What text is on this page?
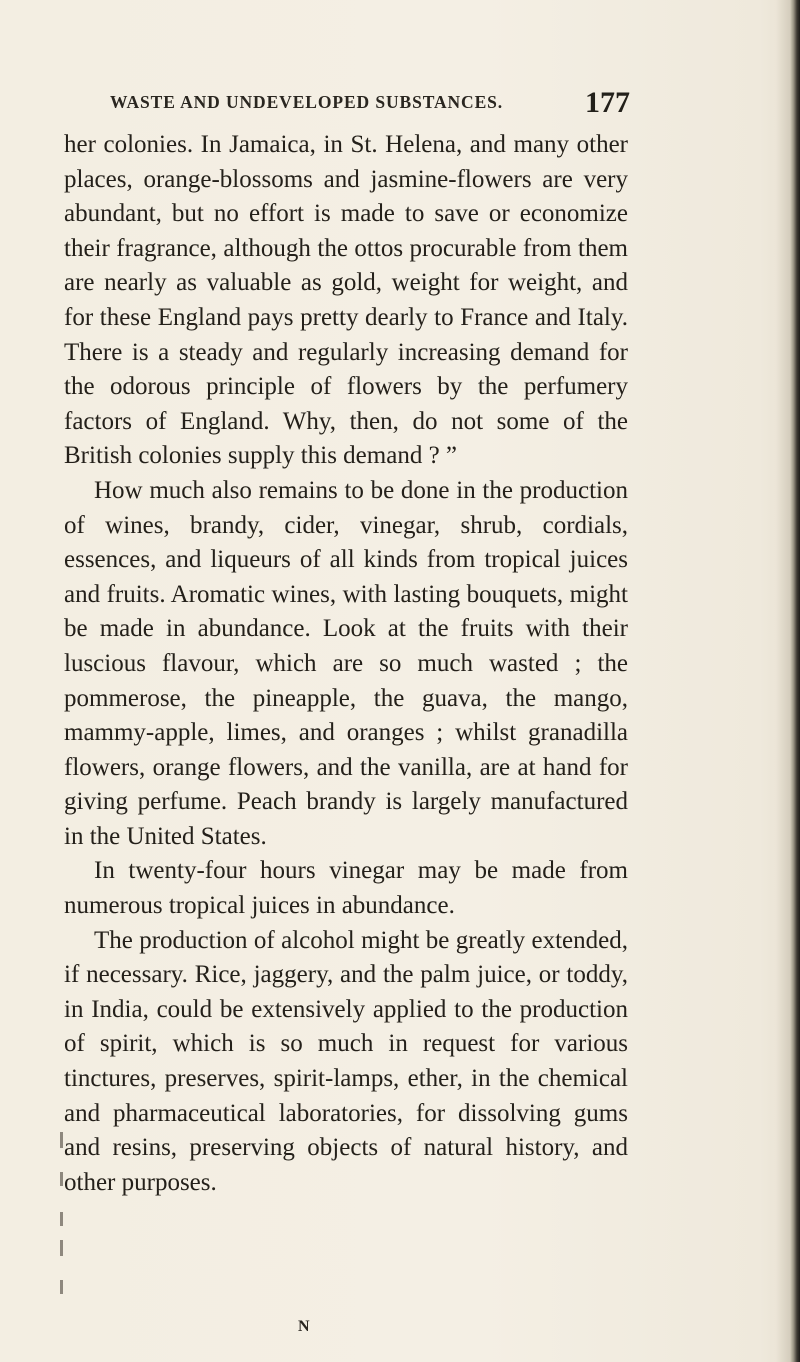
WASTE AND UNDEVELOPED SUBSTANCES.	177

her colonies. In Jamaica, in St. Helena, and many other places, orange-blossoms and jasmine-flowers are very abundant, but no effort is made to save or economize their fragrance, although the ottos procurable from them are nearly as valuable as gold, weight for weight, and for these England pays pretty dearly to France and Italy. There is a steady and regularly increasing demand for the odorous principle of flowers by the perfumery factors of England. Why, then, do not some of the British colonies supply this demand ? ”

How much also remains to be done in the production of wines, brandy, cider, vinegar, shrub, cordials, essences, and liqueurs of all kinds from tropical juices and fruits. Aromatic wines, with lasting bouquets, might be made in abundance. Look at the fruits with their luscious flavour, which are so much wasted ; the pommerose, the pineapple, the guava, the mango, mammy-apple, limes, and oranges ; whilst granadilla flowers, orange flowers, and the vanilla, are at hand for giving perfume. Peach brandy is largely manufactured in the United States.

In twenty-four hours vinegar may be made from numerous tropical juices in abundance.

The production of alcohol might be greatly extended, if necessary. Rice, jaggery, and the palm juice, or toddy, in India, could be extensively applied to the production of spirit, which is so much in request for various tinctures, preserves, spirit-lamps, ether, in the chemical and pharmaceutical laboratories, for dissolving gums and resins, preserving objects of natural history, and other purposes.

N
